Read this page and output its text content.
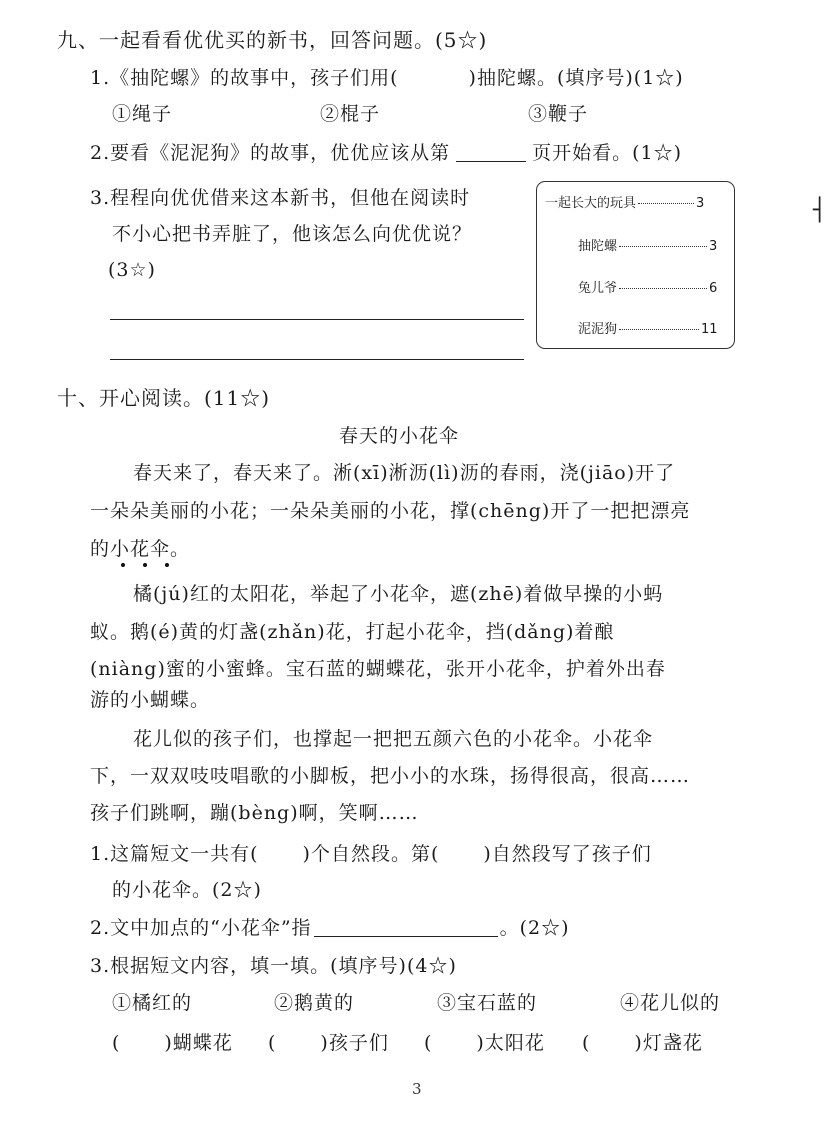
九、一起看看优优买的新书，回答问题。(5☆)
1.《抽陀螺》的故事中，孩子们用(	)抽陀螺。(填序号)(1☆)
①绳子	②棍子	③鞭子
2.要看《泥泥狗》的故事，优优应该从第	页开始看。(1☆)
3.程程向优优借来这本新书，但他在阅读时
不小心把书弄脏了，他该怎么向优优说？
(3☆)
一起长大的玩具	3
抽陀螺	3
兔儿爷	6
泥泥狗	11
┤
十、开心阅读。(11☆)
春天的小花伞
春天来了，春天来了。淅(xī)淅沥(lì)沥的春雨，浇(jiāo)开了
一朵朵美丽的小花；一朵朵美丽的小花，撑(chēng)开了一把把漂亮
的小花伞。
橘(jú)红的太阳花，举起了小花伞，遮(zhē)着做早操的小蚂
蚁。鹅(é)黄的灯盏(zhǎn)花，打起小花伞，挡(dǎng)着酿
(niàng)蜜的小蜜蜂。宝石蓝的蝴蝶花，张开小花伞，护着外出春
游的小蝴蝶。
花儿似的孩子们，也撑起一把把五颜六色的小花伞。小花伞
下，一双双吱吱唱歌的小脚板，把小小的水珠，扬得很高，很高……
孩子们跳啊，蹦(bèng)啊，笑啊……
1.这篇短文一共有( )个自然段。第( )自然段写了孩子们
的小花伞。(2☆)
2.文中加点的“小花伞”指	。(2☆)
3.根据短文内容，填一填。(填序号)(4☆)
①橘红的	②鹅黄的	③宝石蓝的	④花儿似的
( )蝴蝶花 ( )孩子们 ( )太阳花 ( )灯盏花
3
